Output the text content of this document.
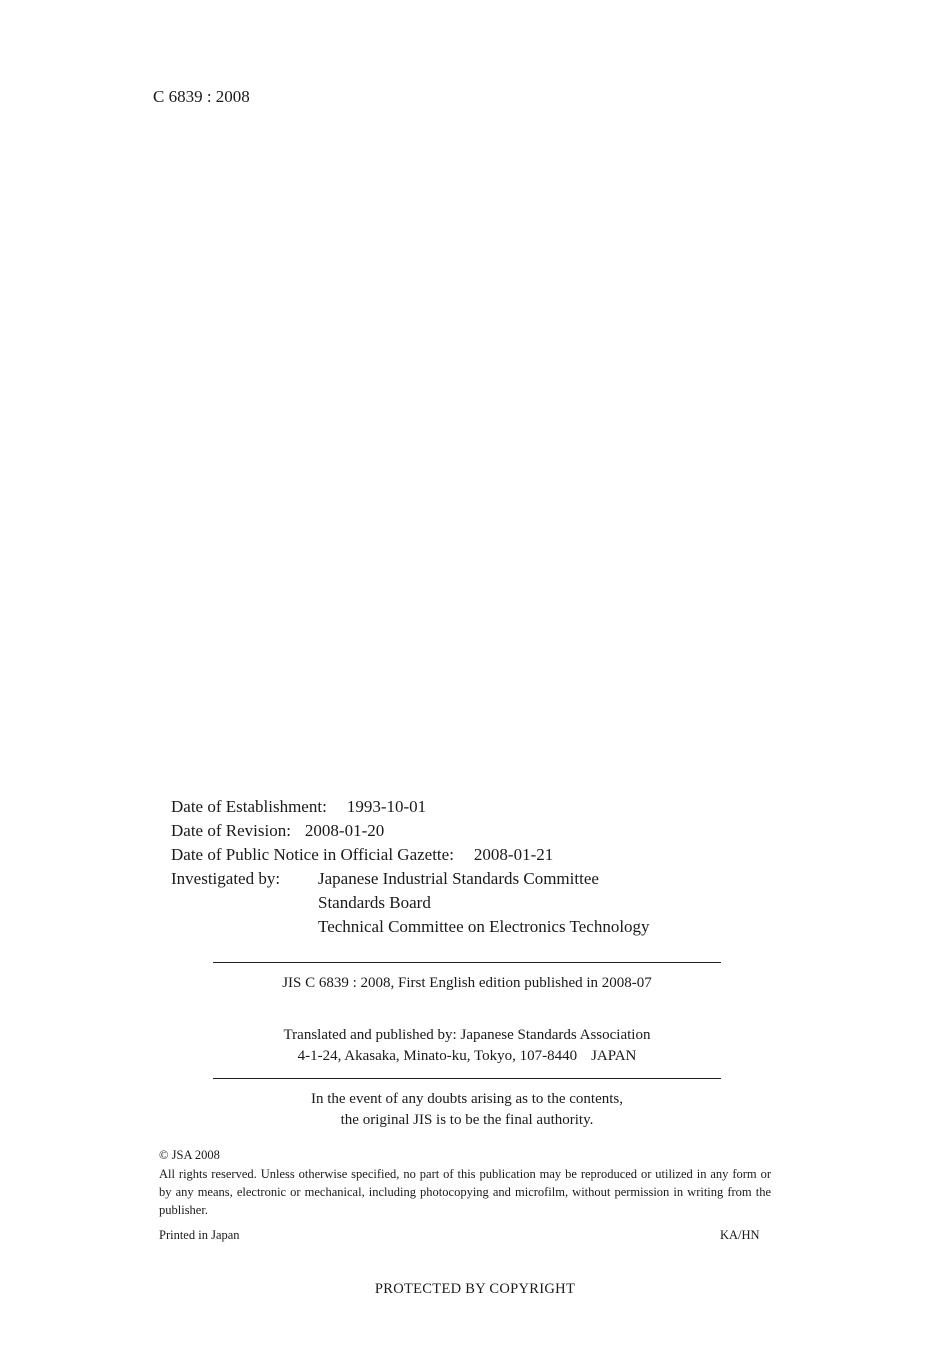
C 6839 : 2008
Date of Establishment: 1993-10-01
Date of Revision: 2008-01-20
Date of Public Notice in Official Gazette: 2008-01-21
Investigated by: Japanese Industrial Standards Committee
Standards Board
Technical Committee on Electronics Technology
JIS C 6839 : 2008, First English edition published in 2008-07
Translated and published by: Japanese Standards Association
4-1-24, Akasaka, Minato-ku, Tokyo, 107-8440 JAPAN
In the event of any doubts arising as to the contents,
the original JIS is to be the final authority.
© JSA 2008
All rights reserved. Unless otherwise specified, no part of this publication may be reproduced or utilized in any form or by any means, electronic or mechanical, including photocopying and microfilm, without permission in writing from the publisher.
Printed in Japan	KA/HN
PROTECTED BY COPYRIGHT
